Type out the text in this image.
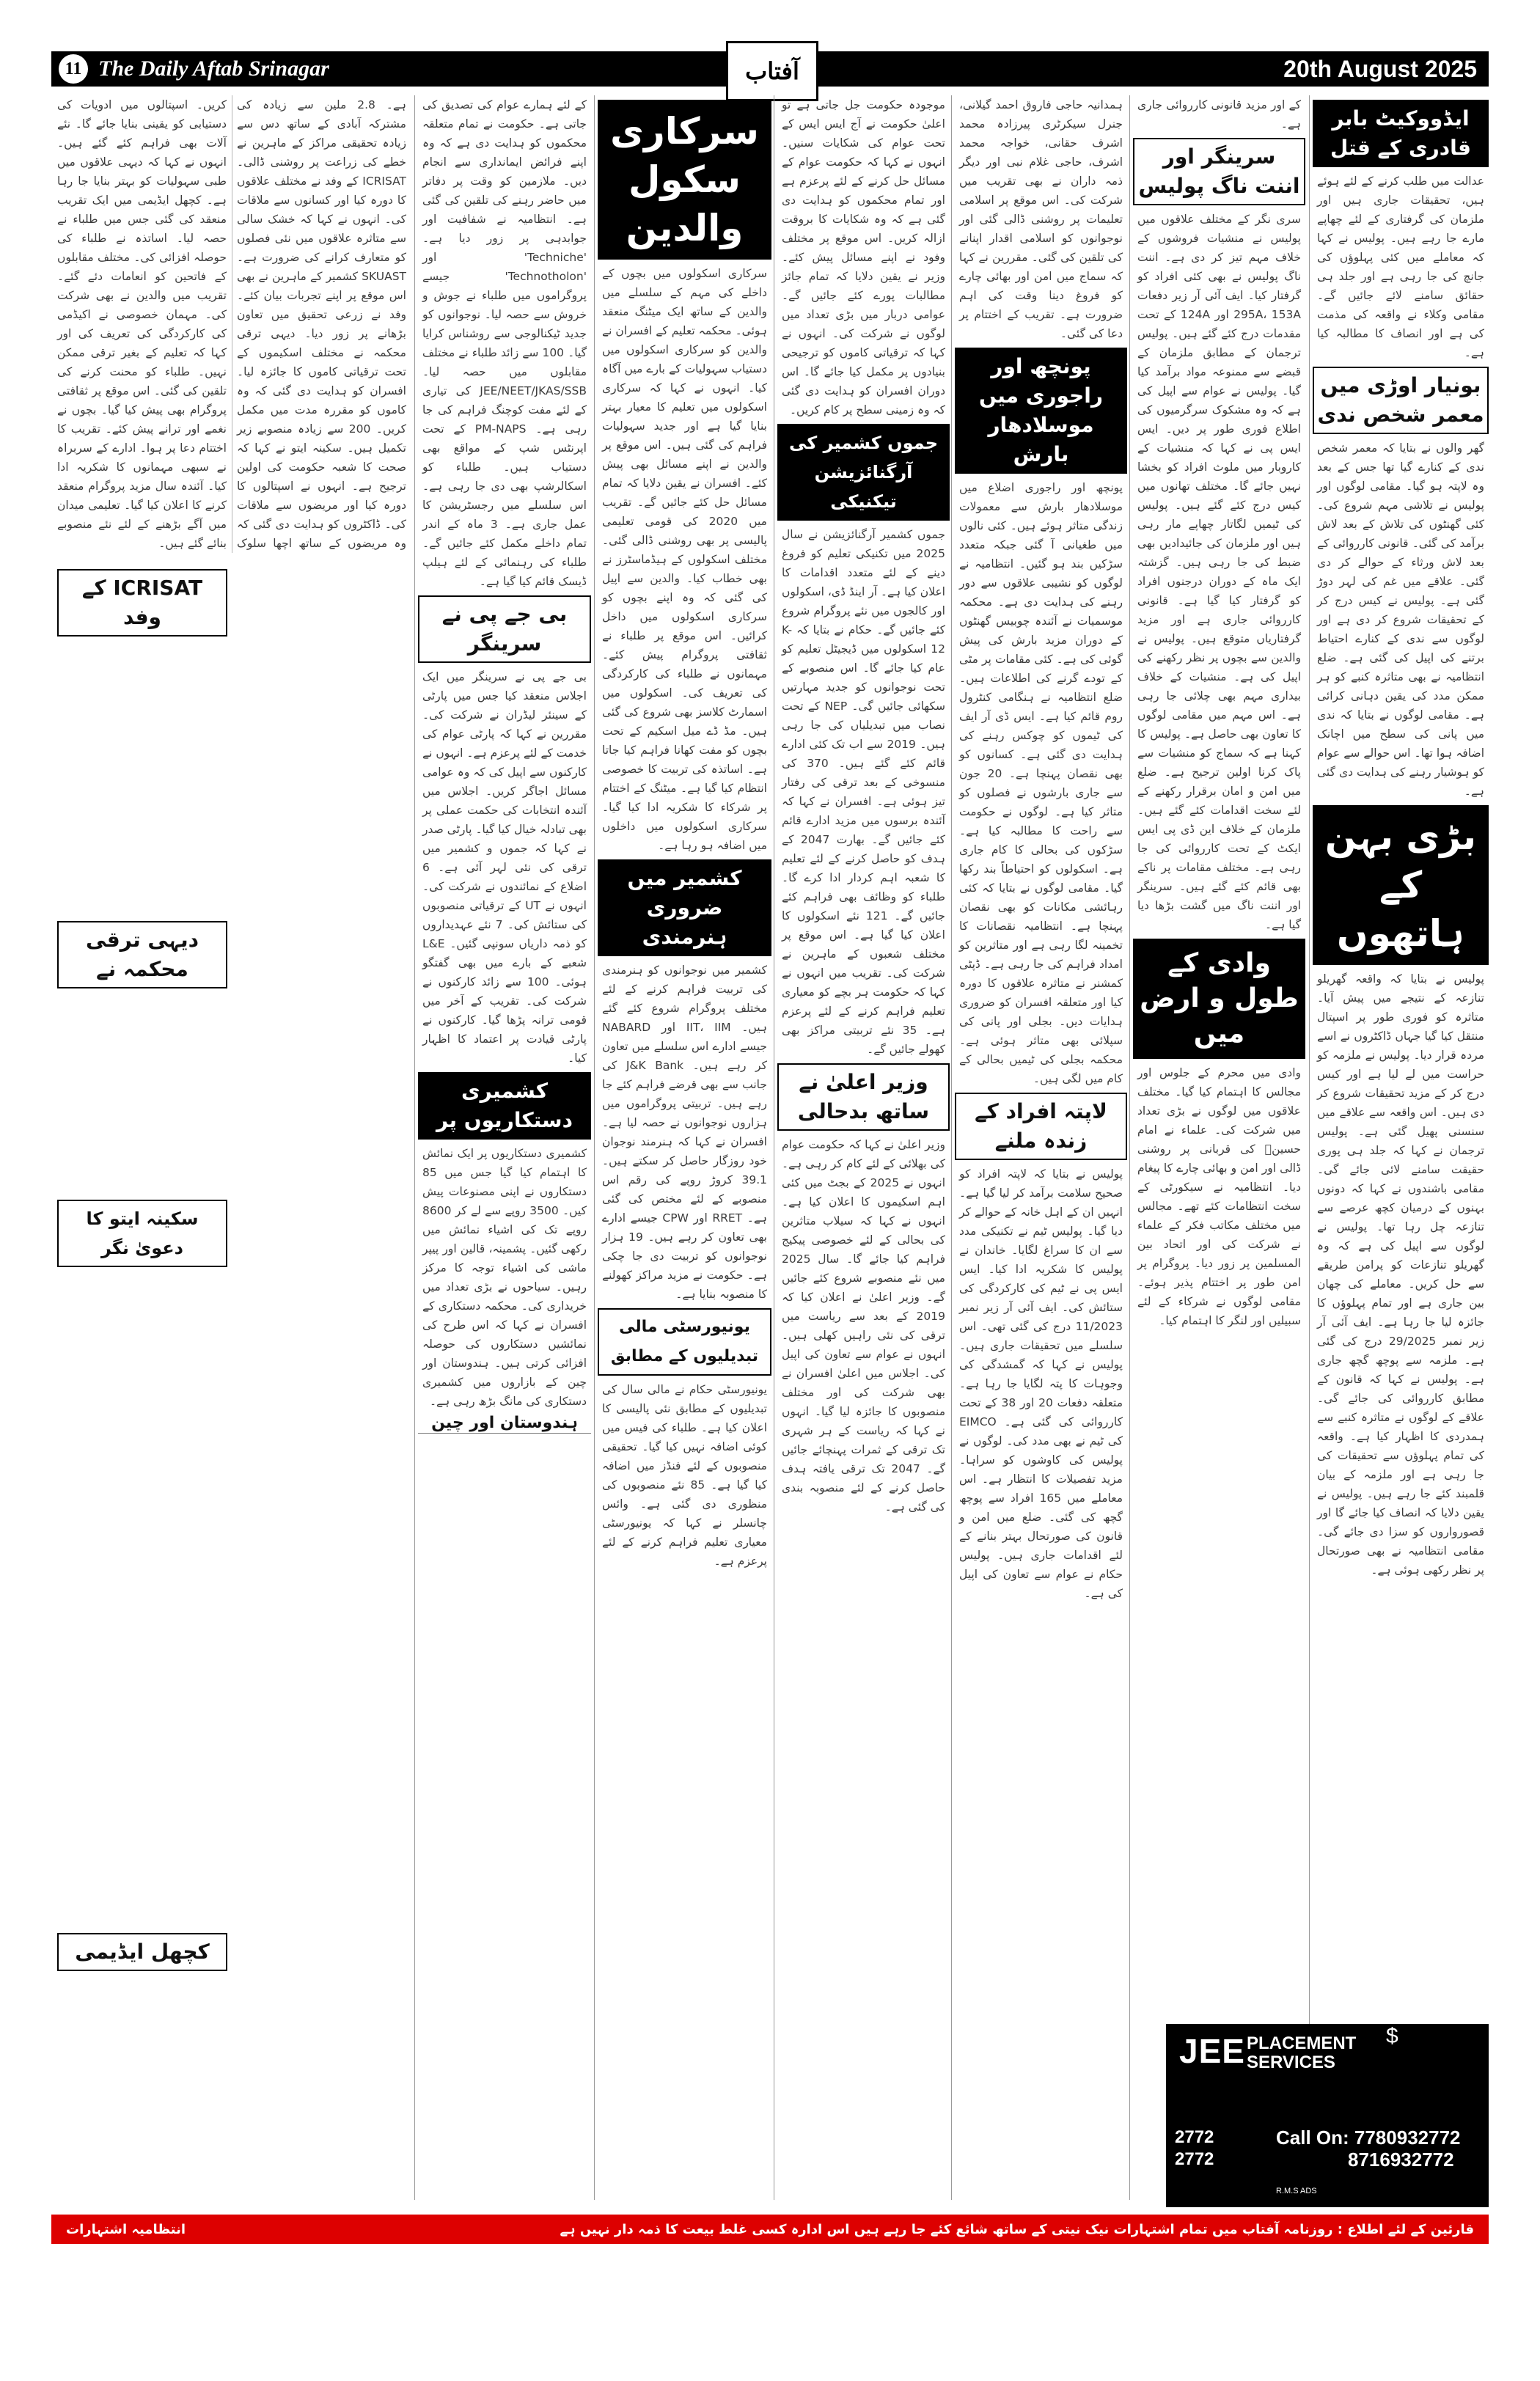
11 The Daily Aftab Srinagar	آفتاب	20th August 2025
ایڈووکیٹ بابر قادری کے قتل
عدالت میں طلب کرنے کے لئے ہوئے ہیں، تحقیقات جاری ہیں اور ملزمان کی گرفتاری کے لئے چھاپے مارے جا رہے ہیں۔ پولیس نے کہا کہ معاملے میں کئی پہلوؤں کی جانچ کی جا رہی ہے اور جلد ہی حقائق سامنے لائے جائیں گے۔ مقامی وکلاء نے واقعہ کی مذمت کی ہے اور انصاف کا مطالبہ کیا ہے۔
بونیار اوڑی میں معمر شخص ندی
گھر والوں نے بتایا کہ معمر شخص ندی کے کنارے گیا تھا جس کے بعد وہ لاپتہ ہو گیا۔ مقامی لوگوں اور پولیس نے تلاشی مہم شروع کی۔ کئی گھنٹوں کی تلاش کے بعد لاش برآمد کی گئی۔ قانونی کارروائی کے بعد لاش ورثاء کے حوالے کر دی گئی۔ علاقے میں غم کی لہر دوڑ گئی ہے۔ پولیس نے کیس درج کر کے تحقیقات شروع کر دی ہے اور لوگوں سے ندی کے کنارے احتیاط برتنے کی اپیل کی گئی ہے۔ ضلع انتظامیہ نے بھی متاثرہ کنبے کو ہر ممکن مدد کی یقین دہانی کرائی ہے۔ مقامی لوگوں نے بتایا کہ ندی میں پانی کی سطح میں اچانک اضافہ ہوا تھا۔ اس حوالے سے عوام کو ہوشیار رہنے کی ہدایت دی گئی ہے۔
بڑی بہن کے ہاتھوں
پولیس نے بتایا کہ واقعہ گھریلو تنازعہ کے نتیجے میں پیش آیا۔ متاثرہ کو فوری طور پر اسپتال منتقل کیا گیا جہاں ڈاکٹروں نے اسے مردہ قرار دیا۔ پولیس نے ملزمہ کو حراست میں لے لیا ہے اور کیس درج کر کے مزید تحقیقات شروع کر دی ہیں۔ اس واقعہ سے علاقے میں سنسنی پھیل گئی ہے۔ پولیس ترجمان نے کہا کہ جلد ہی پوری حقیقت سامنے لائی جائے گی۔ مقامی باشندوں نے کہا کہ دونوں بہنوں کے درمیان کچھ عرصے سے تنازعہ چل رہا تھا۔ پولیس نے لوگوں سے اپیل کی ہے کہ وہ گھریلو تنازعات کو پرامن طریقے سے حل کریں۔ معاملے کی چھان بین جاری ہے اور تمام پہلوؤں کا جائزہ لیا جا رہا ہے۔ ایف آئی آر زیر نمبر 29/2025 درج کی گئی ہے۔ ملزمہ سے پوچھ گچھ جاری ہے۔ پولیس نے کہا کہ قانون کے مطابق کارروائی کی جائے گی۔ علاقے کے لوگوں نے متاثرہ کنبے سے ہمدردی کا اظہار کیا ہے۔ واقعہ کی تمام پہلوؤں سے تحقیقات کی جا رہی ہے اور ملزمہ کے بیان قلمبند کئے جا رہے ہیں۔ پولیس نے یقین دلایا کہ انصاف کیا جائے گا اور قصورواروں کو سزا دی جائے گی۔ مقامی انتظامیہ نے بھی صورتحال پر نظر رکھی ہوئی ہے۔
کے اور مزید قانونی کارروائی جاری ہے۔
سرینگر اور اننت ناگ پولیس
سری نگر کے مختلف علاقوں میں پولیس نے منشیات فروشوں کے خلاف مہم تیز کر دی ہے۔ اننت ناگ پولیس نے بھی کئی افراد کو گرفتار کیا۔ ایف آئی آر زیر دفعات 295A، 153A اور 124A کے تحت مقدمات درج کئے گئے ہیں۔ پولیس ترجمان کے مطابق ملزمان کے قبضے سے ممنوعہ مواد برآمد کیا گیا۔ پولیس نے عوام سے اپیل کی ہے کہ وہ مشکوک سرگرمیوں کی اطلاع فوری طور پر دیں۔ ایس ایس پی نے کہا کہ منشیات کے کاروبار میں ملوث افراد کو بخشا نہیں جائے گا۔ مختلف تھانوں میں کیس درج کئے گئے ہیں۔ پولیس کی ٹیمیں لگاتار چھاپے مار رہی ہیں اور ملزمان کی جائیدادیں بھی ضبط کی جا رہی ہیں۔ گزشتہ ایک ماہ کے دوران درجنوں افراد کو گرفتار کیا گیا ہے۔ قانونی کارروائی جاری ہے اور مزید گرفتاریاں متوقع ہیں۔ پولیس نے والدین سے بچوں پر نظر رکھنے کی اپیل کی ہے۔ منشیات کے خلاف بیداری مہم بھی چلائی جا رہی ہے۔ اس مہم میں مقامی لوگوں کا تعاون بھی حاصل ہے۔ پولیس کا کہنا ہے کہ سماج کو منشیات سے پاک کرنا اولین ترجیح ہے۔ ضلع میں امن و امان برقرار رکھنے کے لئے سخت اقدامات کئے گئے ہیں۔ ملزمان کے خلاف این ڈی پی ایس ایکٹ کے تحت کارروائی کی جا رہی ہے۔ مختلف مقامات پر ناکے بھی قائم کئے گئے ہیں۔ سرینگر اور اننت ناگ میں گشت بڑھا دیا گیا ہے۔
وادی کے طول و ارض میں
وادی میں محرم کے جلوس اور مجالس کا اہتمام کیا گیا۔ مختلف علاقوں میں لوگوں نے بڑی تعداد میں شرکت کی۔ علماء نے امام حسینؑ کی قربانی پر روشنی ڈالی اور امن و بھائی چارے کا پیغام دیا۔ انتظامیہ نے سیکورٹی کے سخت انتظامات کئے تھے۔ مجالس میں مختلف مکاتب فکر کے علماء نے شرکت کی اور اتحاد بین المسلمین پر زور دیا۔ پروگرام پر امن طور پر اختتام پذیر ہوئے۔ مقامی لوگوں نے شرکاء کے لئے سبیلیں اور لنگر کا اہتمام کیا۔
ہمدانیہ حاجی فاروق احمد گیلانی، جنرل سیکرٹری پیرزادہ محمد اشرف حقانی، خواجہ محمد اشرف، حاجی غلام نبی اور دیگر ذمہ داران نے بھی تقریب میں شرکت کی۔ اس موقع پر اسلامی تعلیمات پر روشنی ڈالی گئی اور نوجوانوں کو اسلامی اقدار اپنانے کی تلقین کی گئی۔ مقررین نے کہا کہ سماج میں امن اور بھائی چارے کو فروغ دینا وقت کی اہم ضرورت ہے۔ تقریب کے اختتام پر دعا کی گئی۔
پونچھ اور راجوری میں موسلادھار بارش
پونچھ اور راجوری اضلاع میں موسلادھار بارش سے معمولات زندگی متاثر ہوئے ہیں۔ کئی نالوں میں طغیانی آ گئی جبکہ متعدد سڑکیں بند ہو گئیں۔ انتظامیہ نے لوگوں کو نشیبی علاقوں سے دور رہنے کی ہدایت دی ہے۔ محکمہ موسمیات نے آئندہ چوبیس گھنٹوں کے دوران مزید بارش کی پیش گوئی کی ہے۔ کئی مقامات پر مٹی کے تودے گرنے کی اطلاعات ہیں۔ ضلع انتظامیہ نے ہنگامی کنٹرول روم قائم کیا ہے۔ ایس ڈی آر ایف کی ٹیموں کو چوکس رہنے کی ہدایت دی گئی ہے۔ کسانوں کو بھی نقصان پہنچا ہے۔ 20 جون سے جاری بارشوں نے فصلوں کو متاثر کیا ہے۔ لوگوں نے حکومت سے راحت کا مطالبہ کیا ہے۔ سڑکوں کی بحالی کا کام جاری ہے۔ اسکولوں کو احتیاطاً بند رکھا گیا۔ مقامی لوگوں نے بتایا کہ کئی رہائشی مکانات کو بھی نقصان پہنچا ہے۔ انتظامیہ نقصانات کا تخمینہ لگا رہی ہے اور متاثرین کو امداد فراہم کی جا رہی ہے۔ ڈپٹی کمشنر نے متاثرہ علاقوں کا دورہ کیا اور متعلقہ افسران کو ضروری ہدایات دیں۔ بجلی اور پانی کی سپلائی بھی متاثر ہوئی ہے۔ محکمہ بجلی کی ٹیمیں بحالی کے کام میں لگی ہیں۔
لاپتہ افراد کے زندہ ملنے
پولیس نے بتایا کہ لاپتہ افراد کو صحیح سلامت برآمد کر لیا گیا ہے۔ انہیں ان کے اہل خانہ کے حوالے کر دیا گیا۔ پولیس ٹیم نے تکنیکی مدد سے ان کا سراغ لگایا۔ خاندان نے پولیس کا شکریہ ادا کیا۔ ایس ایس پی نے ٹیم کی کارکردگی کی ستائش کی۔ ایف آئی آر زیر نمبر 11/2023 درج کی گئی تھی۔ اس سلسلے میں تحقیقات جاری ہیں۔ پولیس نے کہا کہ گمشدگی کی وجوہات کا پتہ لگایا جا رہا ہے۔ متعلقہ دفعات 20 اور 38 کے تحت کارروائی کی گئی ہے۔ EIMCO کی ٹیم نے بھی مدد کی۔ لوگوں نے پولیس کی کاوشوں کو سراہا۔ مزید تفصیلات کا انتظار ہے۔ اس معاملے میں 165 افراد سے پوچھ گچھ کی گئی۔ ضلع میں امن و قانون کی صورتحال بہتر بنانے کے لئے اقدامات جاری ہیں۔ پولیس حکام نے عوام سے تعاون کی اپیل کی ہے۔
موجودہ حکومت جل جاتی ہے تو اعلیٰ حکومت نے آج ایس ایس کے تحت عوام کی شکایات سنیں۔ انہوں نے کہا کہ حکومت عوام کے مسائل حل کرنے کے لئے پرعزم ہے اور تمام محکموں کو ہدایت دی گئی ہے کہ وہ شکایات کا بروقت ازالہ کریں۔ اس موقع پر مختلف وفود نے اپنے مسائل پیش کئے۔ وزیر نے یقین دلایا کہ تمام جائز مطالبات پورے کئے جائیں گے۔ عوامی دربار میں بڑی تعداد میں لوگوں نے شرکت کی۔ انہوں نے کہا کہ ترقیاتی کاموں کو ترجیحی بنیادوں پر مکمل کیا جائے گا۔ اس دوران افسران کو ہدایت دی گئی کہ وہ زمینی سطح پر کام کریں۔
جموں کشمیر کی آرگنائزیشن تیکنیکی
جموں کشمیر آرگنائزیشن نے سال 2025 میں تکنیکی تعلیم کو فروغ دینے کے لئے متعدد اقدامات کا اعلان کیا ہے۔ آر اینڈ ڈی، اسکولوں اور کالجوں میں نئے پروگرام شروع کئے جائیں گے۔ حکام نے بتایا کہ K-12 اسکولوں میں ڈیجیٹل تعلیم کو عام کیا جائے گا۔ اس منصوبے کے تحت نوجوانوں کو جدید مہارتیں سکھائی جائیں گی۔ NEP کے تحت نصاب میں تبدیلیاں کی جا رہی ہیں۔ 2019 سے اب تک کئی ادارے قائم کئے گئے ہیں۔ 370 کی منسوخی کے بعد ترقی کی رفتار تیز ہوئی ہے۔ افسران نے کہا کہ آئندہ برسوں میں مزید ادارے قائم کئے جائیں گے۔ بھارت 2047 کے ہدف کو حاصل کرنے کے لئے تعلیم کا شعبہ اہم کردار ادا کرے گا۔ طلباء کو وظائف بھی فراہم کئے جائیں گے۔ 121 نئے اسکولوں کا اعلان کیا گیا ہے۔ اس موقع پر مختلف شعبوں کے ماہرین نے شرکت کی۔ تقریب میں انہوں نے کہا کہ حکومت ہر بچے کو معیاری تعلیم فراہم کرنے کے لئے پرعزم ہے۔ 35 نئے تربیتی مراکز بھی کھولے جائیں گے۔
وزیر اعلیٰ نے ساتھ بدحالی
وزیر اعلیٰ نے کہا کہ حکومت عوام کی بھلائی کے لئے کام کر رہی ہے۔ انہوں نے 2025 کے بجٹ میں کئی اہم اسکیموں کا اعلان کیا ہے۔ انہوں نے کہا کہ سیلاب متاثرین کی بحالی کے لئے خصوصی پیکیج فراہم کیا جائے گا۔ سال 2025 میں نئے منصوبے شروع کئے جائیں گے۔ وزیر اعلیٰ نے اعلان کیا کہ 2019 کے بعد سے ریاست میں ترقی کی نئی راہیں کھلی ہیں۔ انہوں نے عوام سے تعاون کی اپیل کی۔ اجلاس میں اعلیٰ افسران نے بھی شرکت کی اور مختلف منصوبوں کا جائزہ لیا گیا۔ انہوں نے کہا کہ ریاست کے ہر شہری تک ترقی کے ثمرات پہنچائے جائیں گے۔ 2047 تک ترقی یافتہ ہدف حاصل کرنے کے لئے منصوبہ بندی کی گئی ہے۔
سرکاری سکول والدین
سرکاری اسکولوں میں بچوں کے داخلے کی مہم کے سلسلے میں والدین کے ساتھ ایک میٹنگ منعقد ہوئی۔ محکمہ تعلیم کے افسران نے والدین کو سرکاری اسکولوں میں دستیاب سہولیات کے بارے میں آگاہ کیا۔ انہوں نے کہا کہ سرکاری اسکولوں میں تعلیم کا معیار بہتر بنایا گیا ہے اور جدید سہولیات فراہم کی گئی ہیں۔ اس موقع پر والدین نے اپنے مسائل بھی پیش کئے۔ افسران نے یقین دلایا کہ تمام مسائل حل کئے جائیں گے۔ تقریب میں 2020 کی قومی تعلیمی پالیسی پر بھی روشنی ڈالی گئی۔ مختلف اسکولوں کے ہیڈماسٹرز نے بھی خطاب کیا۔ والدین سے اپیل کی گئی کہ وہ اپنے بچوں کو سرکاری اسکولوں میں داخل کرائیں۔ اس موقع پر طلباء نے ثقافتی پروگرام پیش کئے۔ مہمانوں نے طلباء کی کارکردگی کی تعریف کی۔ اسکولوں میں اسمارٹ کلاسز بھی شروع کی گئی ہیں۔ مڈ ڈے میل اسکیم کے تحت بچوں کو مفت کھانا فراہم کیا جاتا ہے۔ اساتذہ کی تربیت کا خصوصی انتظام کیا گیا ہے۔ میٹنگ کے اختتام پر شرکاء کا شکریہ ادا کیا گیا۔ سرکاری اسکولوں میں داخلوں میں اضافہ ہو رہا ہے۔
کشمیر میں ضروری ہنرمندی
کشمیر میں نوجوانوں کو ہنرمندی کی تربیت فراہم کرنے کے لئے مختلف پروگرام شروع کئے گئے ہیں۔ IIT، IIM اور NABARD جیسے ادارے اس سلسلے میں تعاون کر رہے ہیں۔ J&K Bank کی جانب سے بھی قرضے فراہم کئے جا رہے ہیں۔ تربیتی پروگراموں میں ہزاروں نوجوانوں نے حصہ لیا ہے۔ افسران نے کہا کہ ہنرمند نوجوان خود روزگار حاصل کر سکتے ہیں۔ 39.1 کروڑ روپے کی رقم اس منصوبے کے لئے مختص کی گئی ہے۔ RRET اور CPW جیسے ادارے بھی تعاون کر رہے ہیں۔ 19 ہزار نوجوانوں کو تربیت دی جا چکی ہے۔ حکومت نے مزید مراکز کھولنے کا منصوبہ بنایا ہے۔
یونیورسٹی مالی تبدیلیوں کے مطابق
یونیورسٹی حکام نے مالی سال کی تبدیلیوں کے مطابق نئی پالیسی کا اعلان کیا ہے۔ طلباء کی فیس میں کوئی اضافہ نہیں کیا گیا۔ تحقیقی منصوبوں کے لئے فنڈز میں اضافہ کیا گیا ہے۔ 85 نئے منصوبوں کی منظوری دی گئی ہے۔ وائس چانسلر نے کہا کہ یونیورسٹی معیاری تعلیم فراہم کرنے کے لئے پرعزم ہے۔
کے لئے ہمارے عوام کی تصدیق کی جاتی ہے۔ حکومت نے تمام متعلقہ محکموں کو ہدایت دی ہے کہ وہ اپنے فرائض ایمانداری سے انجام دیں۔ ملازمین کو وقت پر دفاتر میں حاضر رہنے کی تلقین کی گئی ہے۔ انتظامیہ نے شفافیت اور جوابدہی پر زور دیا ہے۔ 'Techniche' اور 'Technotholon' جیسے پروگراموں میں طلباء نے جوش و خروش سے حصہ لیا۔ نوجوانوں کو جدید ٹیکنالوجی سے روشناس کرایا گیا۔ 100 سے زائد طلباء نے مختلف مقابلوں میں حصہ لیا۔ JEE/NEET/JKAS/SSB کی تیاری کے لئے مفت کوچنگ فراہم کی جا رہی ہے۔ PM-NAPS کے تحت اپرنٹس شپ کے مواقع بھی دستیاب ہیں۔ طلباء کو اسکالرشپ بھی دی جا رہی ہے۔ اس سلسلے میں رجسٹریشن کا عمل جاری ہے۔ 3 ماہ کے اندر تمام داخلے مکمل کئے جائیں گے۔ طلباء کی رہنمائی کے لئے ہیلپ ڈیسک قائم کیا گیا ہے۔
بی جے پی نے سرینگر
بی جے پی نے سرینگر میں ایک اجلاس منعقد کیا جس میں پارٹی کے سینئر لیڈران نے شرکت کی۔ مقررین نے کہا کہ پارٹی عوام کی خدمت کے لئے پرعزم ہے۔ انہوں نے کارکنوں سے اپیل کی کہ وہ عوامی مسائل اجاگر کریں۔ اجلاس میں آئندہ انتخابات کی حکمت عملی پر بھی تبادلہ خیال کیا گیا۔ پارٹی صدر نے کہا کہ جموں و کشمیر میں ترقی کی نئی لہر آئی ہے۔ 6 اضلاع کے نمائندوں نے شرکت کی۔ انہوں نے UT کے ترقیاتی منصوبوں کی ستائش کی۔ 7 نئے عہدیداروں کو ذمہ داریاں سونپی گئیں۔ L&E شعبے کے بارے میں بھی گفتگو ہوئی۔ 100 سے زائد کارکنوں نے شرکت کی۔ تقریب کے آخر میں قومی ترانہ پڑھا گیا۔ کارکنوں نے پارٹی قیادت پر اعتماد کا اظہار کیا۔
کشمیری دستکاریوں پر
کشمیری دستکاریوں پر ایک نمائش کا اہتمام کیا گیا جس میں 85 دستکاروں نے اپنی مصنوعات پیش کیں۔ 3500 روپے سے لے کر 8600 روپے تک کی اشیاء نمائش میں رکھی گئیں۔ پشمینہ، قالین اور پیپر ماشی کی اشیاء توجہ کا مرکز رہیں۔ سیاحوں نے بڑی تعداد میں خریداری کی۔ محکمہ دستکاری کے افسران نے کہا کہ اس طرح کی نمائشیں دستکاروں کی حوصلہ افزائی کرتی ہیں۔ ہندوستان اور چین کے بازاروں میں کشمیری دستکاری کی مانگ بڑھ رہی ہے۔
ہندوستان اور چین
ہے۔ 2.8 ملین سے زیادہ کی مشترکہ آبادی کے ساتھ دس سے زیادہ تحقیقی مراکز کے ماہرین نے خطے کی زراعت پر روشنی ڈالی۔ ICRISAT کے وفد نے مختلف علاقوں کا دورہ کیا اور کسانوں سے ملاقات کی۔ انہوں نے کہا کہ خشک سالی سے متاثرہ علاقوں میں نئی فصلوں کو متعارف کرانے کی ضرورت ہے۔ SKUAST کشمیر کے ماہرین نے بھی اس موقع پر اپنے تجربات بیان کئے۔ وفد نے زرعی تحقیق میں تعاون بڑھانے پر زور دیا۔ دیہی ترقی محکمہ نے مختلف اسکیموں کے تحت ترقیاتی کاموں کا جائزہ لیا۔ افسران کو ہدایت دی گئی کہ وہ کاموں کو مقررہ مدت میں مکمل کریں۔ 200 سے زیادہ منصوبے زیر تکمیل ہیں۔ سکینہ ایتو نے کہا کہ صحت کا شعبہ حکومت کی اولین ترجیح ہے۔ انہوں نے اسپتالوں کا دورہ کیا اور مریضوں سے ملاقات کی۔ ڈاکٹروں کو ہدایت دی گئی کہ وہ مریضوں کے ساتھ اچھا سلوک کریں۔ اسپتالوں میں ادویات کی دستیابی کو یقینی بنایا جائے گا۔ نئے آلات بھی فراہم کئے گئے ہیں۔ انہوں نے کہا کہ دیہی علاقوں میں طبی سہولیات کو بہتر بنایا جا رہا ہے۔ کچھل ایڈیمی میں ایک تقریب منعقد کی گئی جس میں طلباء نے حصہ لیا۔ اساتذہ نے طلباء کی حوصلہ افزائی کی۔ مختلف مقابلوں کے فاتحین کو انعامات دئے گئے۔ تقریب میں والدین نے بھی شرکت کی۔ مہمان خصوصی نے اکیڈمی کی کارکردگی کی تعریف کی اور کہا کہ تعلیم کے بغیر ترقی ممکن نہیں۔ طلباء کو محنت کرنے کی تلقین کی گئی۔ اس موقع پر ثقافتی پروگرام بھی پیش کیا گیا۔ بچوں نے نغمے اور ترانے پیش کئے۔ تقریب کا اختتام دعا پر ہوا۔ ادارے کے سربراہ نے سبھی مہمانوں کا شکریہ ادا کیا۔ آئندہ سال مزید پروگرام منعقد کرنے کا اعلان کیا گیا۔ تعلیمی میدان میں آگے بڑھنے کے لئے نئے منصوبے بنائے گئے ہیں۔
ICRISAT کے وفد
دیہی ترقی محکمہ نے
سکینہ ایتو کا دعویٰ نگر
کچھل ایڈیمی
$
JEE PLACEMENT
SERVICES
2772
2772
Call On: 7780932772
8716932772
R.M.S ADS
قارئین کے لئے اطلاع : روزنامہ آفتاب میں تمام اشتہارات نیک نیتی کے ساتھ شائع کئے جا رہے ہیں اس ادارہ کسی غلط بیعت کا ذمہ دار نہیں ہے
انتظامیہ اشتہارات
